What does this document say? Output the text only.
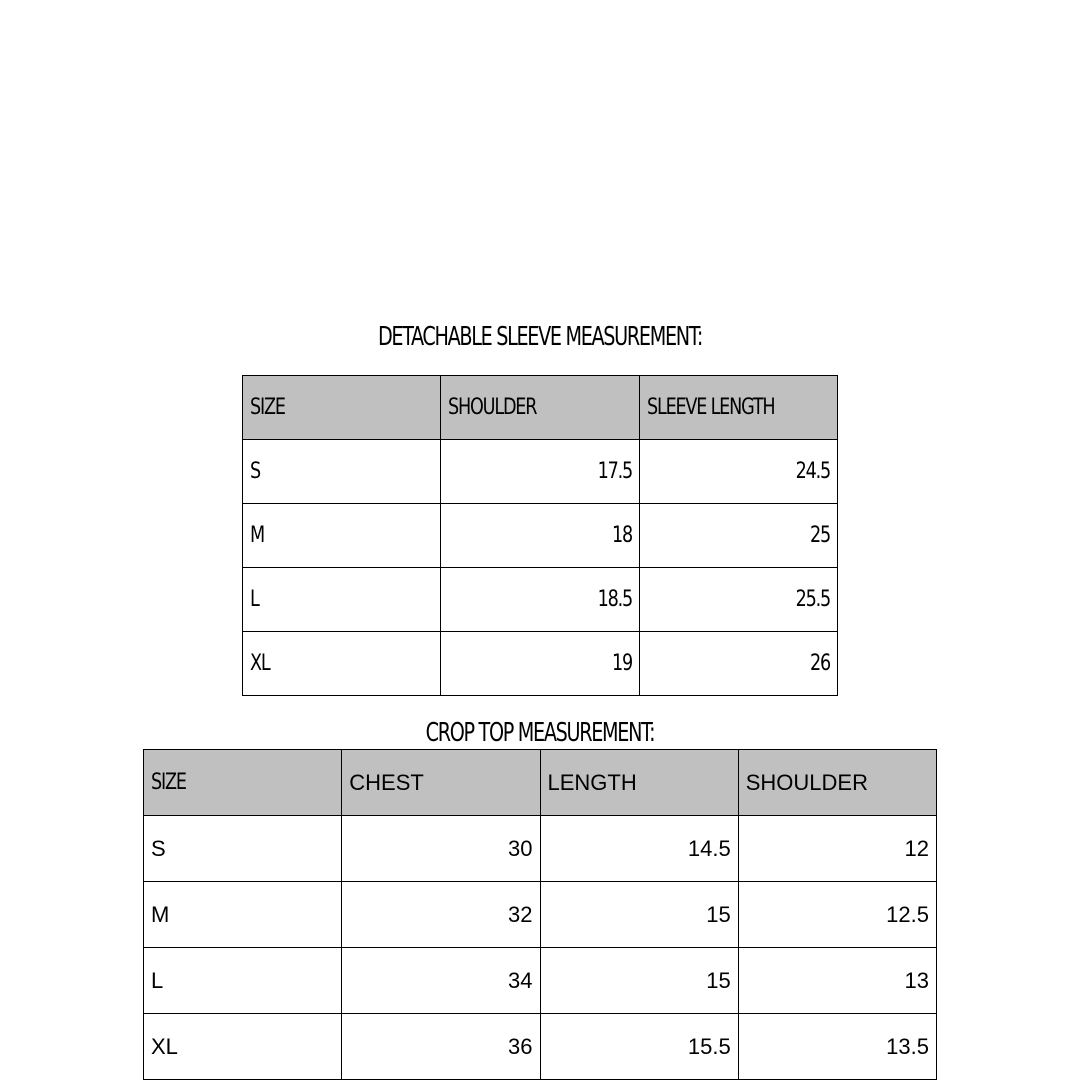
DETACHABLE SLEEVE MEASUREMENT:
SIZE	SHOULDER	SLEEVE LENGTH
S	17.5	24.5
M	18	25
L	18.5	25.5
XL	19	26
CROP TOP MEASUREMENT:
SIZE	CHEST	LENGTH	SHOULDER
S	30	14.5	12
M	32	15	12.5
L	34	15	13
XL	36	15.5	13.5
